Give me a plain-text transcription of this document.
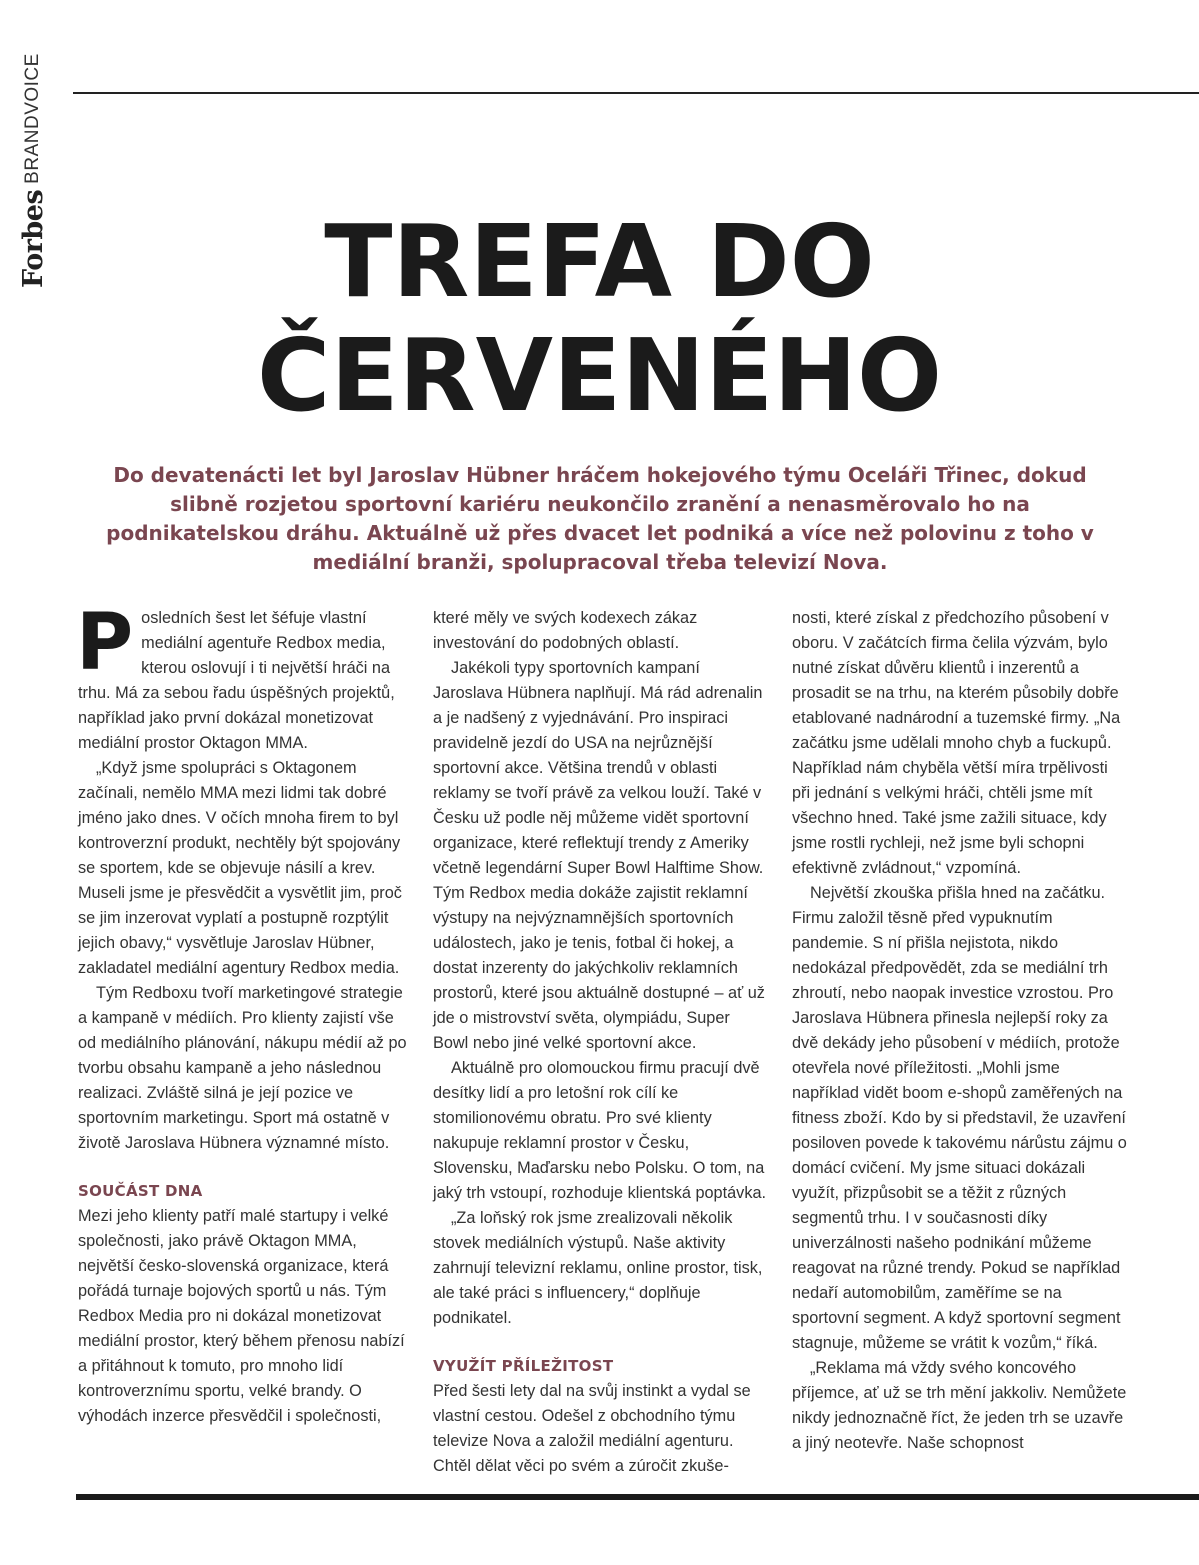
Forbes
BRANDVOICE
TREFA DO
ČERVENÉHO
Do devatenácti let byl Jaroslav Hübner hráčem hokejového týmu Oceláři Třinec, dokud slibně rozjetou sportovní kariéru neukončilo zranění a nenasměrovalo ho na podnikatelskou dráhu. Aktuálně už přes dvacet let podniká a více než polovinu z toho v mediální branži, spolupracoval třeba televizí Nova.
P osledních šest let šéfuje vlastní mediální agentuře Redbox media, kterou oslovují i ti největší hráči na trhu. Má za sebou řadu úspěšných projektů, například jako první dokázal monetizovat mediální prostor Oktagon MMA.

„Když jsme spolupráci s Oktagonem začínali, nemělo MMA mezi lidmi tak dobré jméno jako dnes. V očích mnoha firem to byl kontroverzní produkt, nechtěly být spojovány se sportem, kde se objevuje násilí a krev. Museli jsme je přesvědčit a vysvětlit jim, proč se jim inzerovat vyplatí a postupně rozptýlit jejich obavy,“ vysvětluje Jaroslav Hübner, zakladatel mediální agentury Redbox media.

Tým Redboxu tvoří marketingové strategie a kampaně v médiích. Pro klienty zajistí vše od mediálního plánování, nákupu médií až po tvorbu obsahu kampaně a jeho následnou realizaci. Zvláště silná je její pozice ve sportovním marketingu. Sport má ostatně v životě Jaroslava Hübnera významné místo.

SOUČÁST DNA

Mezi jeho klienty patří malé startupy i velké společnosti, jako právě Oktagon MMA, největší česko-slovenská organizace, která pořádá turnaje bojových sportů u nás. Tým Redbox Media pro ni dokázal monetizovat mediální prostor, který během přenosu nabízí a přitáhnout k tomuto, pro mnoho lidí kontroverznímu sportu, velké brandy. O výhodách inzerce přesvědčil i společnosti,

které měly ve svých kodexech zákaz investování do podobných oblastí.

Jakékoli typy sportovních kampaní Jaroslava Hübnera naplňují. Má rád adrenalin a je nadšený z vyjednávání. Pro inspiraci pravidelně jezdí do USA na nejrůznější sportovní akce. Většina trendů v oblasti reklamy se tvoří právě za velkou louží. Také v Česku už podle něj můžeme vidět sportovní organizace, které reflektují trendy z Ameriky včetně legendární Super Bowl Halftime Show. Tým Redbox media dokáže zajistit reklamní výstupy na nejvýznamnějších sportovních událostech, jako je tenis, fotbal či hokej, a dostat inzerenty do jakýchkoliv reklamních prostorů, které jsou aktuálně dostupné – ať už jde o mistrovství světa, olympiádu, Super Bowl nebo jiné velké sportovní akce.

Aktuálně pro olomouckou firmu pracují dvě desítky lidí a pro letošní rok cílí ke stomilionovému obratu. Pro své klienty nakupuje reklamní prostor v Česku, Slovensku, Maďarsku nebo Polsku. O tom, na jaký trh vstoupí, rozhoduje klientská poptávka.

„Za loňský rok jsme zrealizovali několik stovek mediálních výstupů. Naše aktivity zahrnují televizní reklamu, online prostor, tisk, ale také práci s influencery,“ doplňuje podnikatel.

VYUŽÍT PŘÍLEŽITOST

Před šesti lety dal na svůj instinkt a vydal se vlastní cestou. Odešel z obchodního týmu televize Nova a založil mediální agenturu. Chtěl dělat věci po svém a zúročit zkuše-

nosti, které získal z předchozího působení v oboru. V začátcích firma čelila výzvám, bylo nutné získat důvěru klientů i inzerentů a prosadit se na trhu, na kterém působily dobře etablované nadnárodní a tuzemské firmy. „Na začátku jsme udělali mnoho chyb a fuckupů. Například nám chyběla větší míra trpělivosti při jednání s velkými hráči, chtěli jsme mít všechno hned. Také jsme zažili situace, kdy jsme rostli rychleji, než jsme byli schopni efektivně zvládnout,“ vzpomíná.

Největší zkouška přišla hned na začátku. Firmu založil těsně před vypuknutím pandemie. S ní přišla nejistota, nikdo nedokázal předpovědět, zda se mediální trh zhroutí, nebo naopak investice vzrostou. Pro Jaroslava Hübnera přinesla nejlepší roky za dvě dekády jeho působení v médiích, protože otevřela nové příležitosti. „Mohli jsme například vidět boom e-shopů zaměřených na fitness zboží. Kdo by si představil, že uzavření posiloven povede k takovému nárůstu zájmu o domácí cvičení. My jsme situaci dokázali využít, přizpůsobit se a těžit z různých segmentů trhu. I v současnosti díky univerzálnosti našeho podnikání můžeme reagovat na různé trendy. Pokud se například nedaří automobilům, zaměříme se na sportovní segment. A když sportovní segment stagnuje, můžeme se vrátit k vozům,“ říká.

„Reklama má vždy svého koncového příjemce, ať už se trh mění jakkoliv. Nemůžete nikdy jednoznačně říct, že jeden trh se uzavře a jiný neotevře. Naše schopnost
